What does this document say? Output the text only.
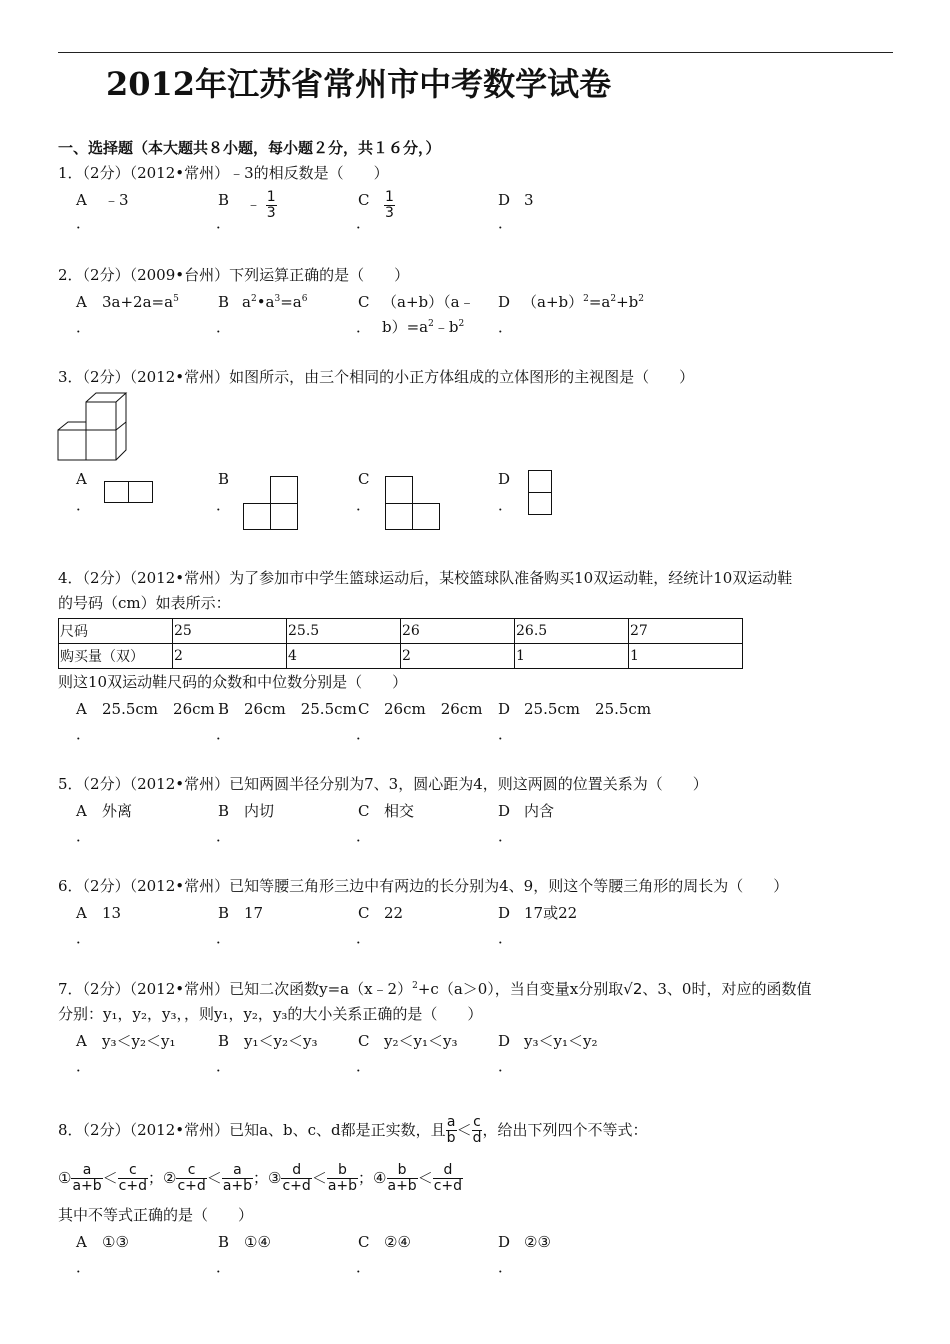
2012年江苏省常州市中考数学试卷
一、选择题（本大题共８小题，每小题２分，共１６分，）
1．（2分）（2012•常州）﹣3的相反数是（　　）
A ﹣3	B ﹣ $\frac{1}{3}$	C $\frac{1}{3}$	D 3
．	．	．	．
2．（2分）（2009•台州）下列运算正确的是（　　）
A $3a+2a=a^5$	B $a^2•a^3=a^6$	C （a+b）（a﹣
$b)=a^2﹣b^2$
D $(a+b)^2=a^2+b^2$
．	．	．	．
3．（2分）（2012•常州）如图所示，由三个相同的小正方体组成的立体图形的主视图是（　　）
A	B	C	D
．	．	．	．
4．（2分）（2012•常州）为了参加市中学生篮球运动后，某校篮球队准备购买10双运动鞋，经统计10双运动鞋
的号码（cm）如表所示：
尺码	25	25.5	26	26.5	27
购买量（双）	2	4	2	1	1
则这10双运动鞋尺码的众数和中位数分别是（　　）
A 25.5cm　26cm B 26cm　25.5cm C 26cm　26cm D 25.5cm　25.5cm
．	．	．	．
5．（2分）（2012•常州）已知两圆半径分别为7、3，圆心距为4，则这两圆的位置关系为（　　）
A 外离	B 内切	C 相交	D 内含
．	．	．	．
6．（2分）（2012•常州）已知等腰三角形三边中有两边的长分别为4、9，则这个等腰三角形的周长为（　　）
A 13	B 17	C 22	D 17或22
．	．	．	．
7．（2分）（2012•常州）已知二次函数y=a（x﹣2）$^2$+c（a＞0），当自变量x分别取√2、3、0时，对应的函数值
分别：y₁，y₂，y₃，，则y₁，y₂，y₃的大小关系正确的是（　　）
A y₃＜y₂＜y₁	B y₁＜y₂＜y₃	C y₂＜y₁＜y₃	D y₃＜y₁＜y₂
．	．	．	．
8．（2分）（2012•常州）已知a、b、c、d都是正实数，且 $\frac{a}{b} < \frac{c}{d}$ ，给出下列四个不等式：
① $\frac{a}{a+b} < \frac{c}{c+d}$ ； ② $\frac{c}{c+d} < \frac{a}{a+b}$ ； ③ $\frac{d}{c+d} < \frac{b}{a+b}$ ； ④ $\frac{b}{a+b} < \frac{d}{c+d}$
其中不等式正确的是（　　）
A ①③	B ①④	C ②④	D ②③
．	．	．	．
